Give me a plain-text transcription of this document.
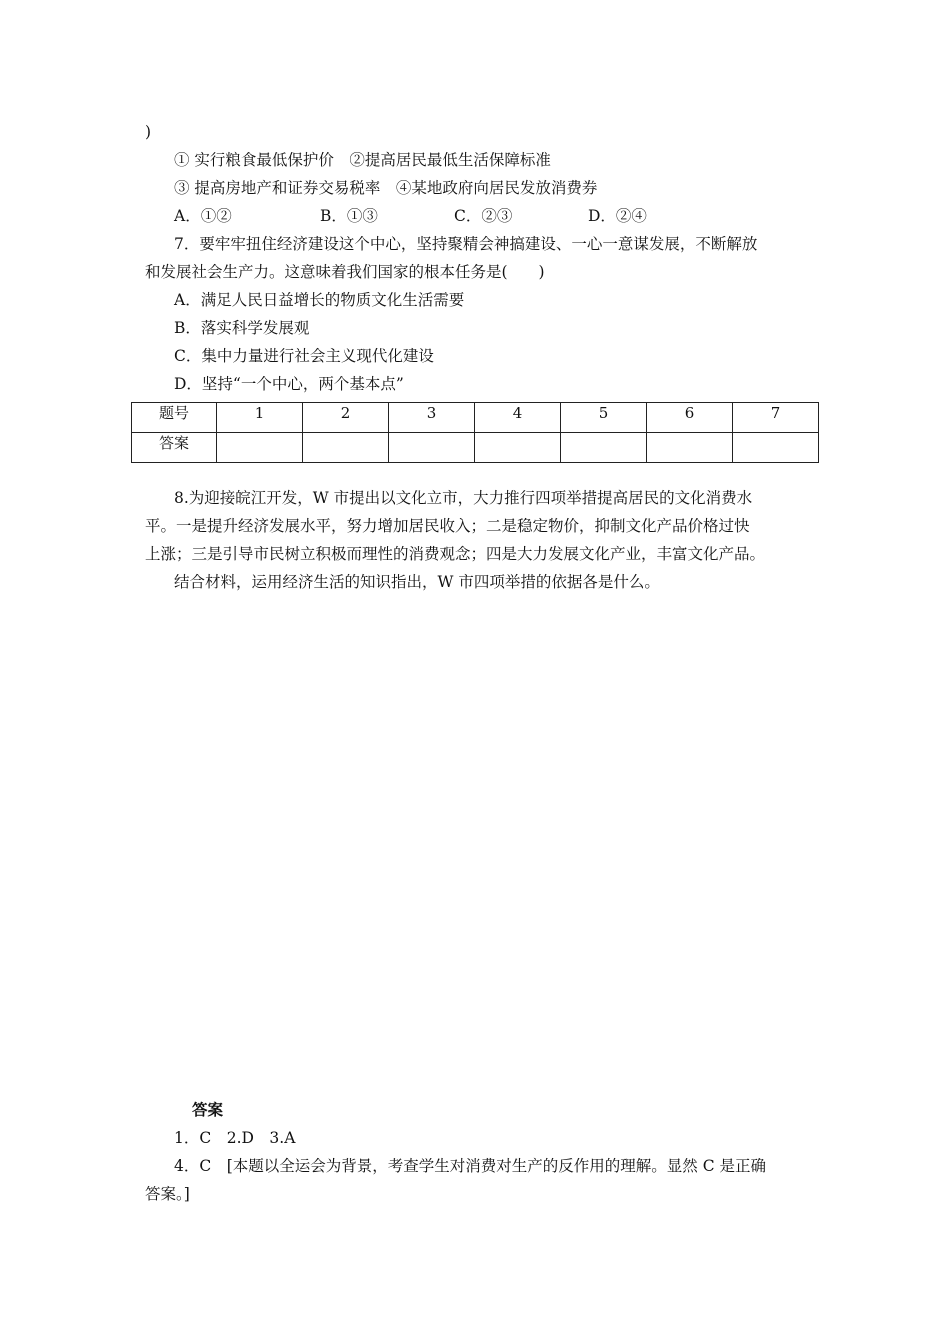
)
① 实行粮食最低保护价　②提高居民最低生活保障标准
③ 提高房地产和证券交易税率　④某地政府向居民发放消费券
A．①②	B．①③	C．②③	D．②④
7．要牢牢扭住经济建设这个中心，坚持聚精会神搞建设、一心一意谋发展，不断解放
和发展社会生产力。这意味着我们国家的根本任务是(　　)
A．满足人民日益增长的物质文化生活需要
B．落实科学发展观
C．集中力量进行社会主义现代化建设
D．坚持“一个中心，两个基本点”
题号	1	2	3	4	5	6	7
答案							
8.为迎接皖江开发，W 市提出以文化立市，大力推行四项举措提高居民的文化消费水
平。一是提升经济发展水平，努力增加居民收入；二是稳定物价，抑制文化产品价格过快
上涨；三是引导市民树立积极而理性的消费观念；四是大力发展文化产业，丰富文化产品。
结合材料，运用经济生活的知识指出，W 市四项举措的依据各是什么。
答案
1．C　2.D　3.A
4．C　[本题以全运会为背景，考查学生对消费对生产的反作用的理解。显然 C 是正确
答案。]
